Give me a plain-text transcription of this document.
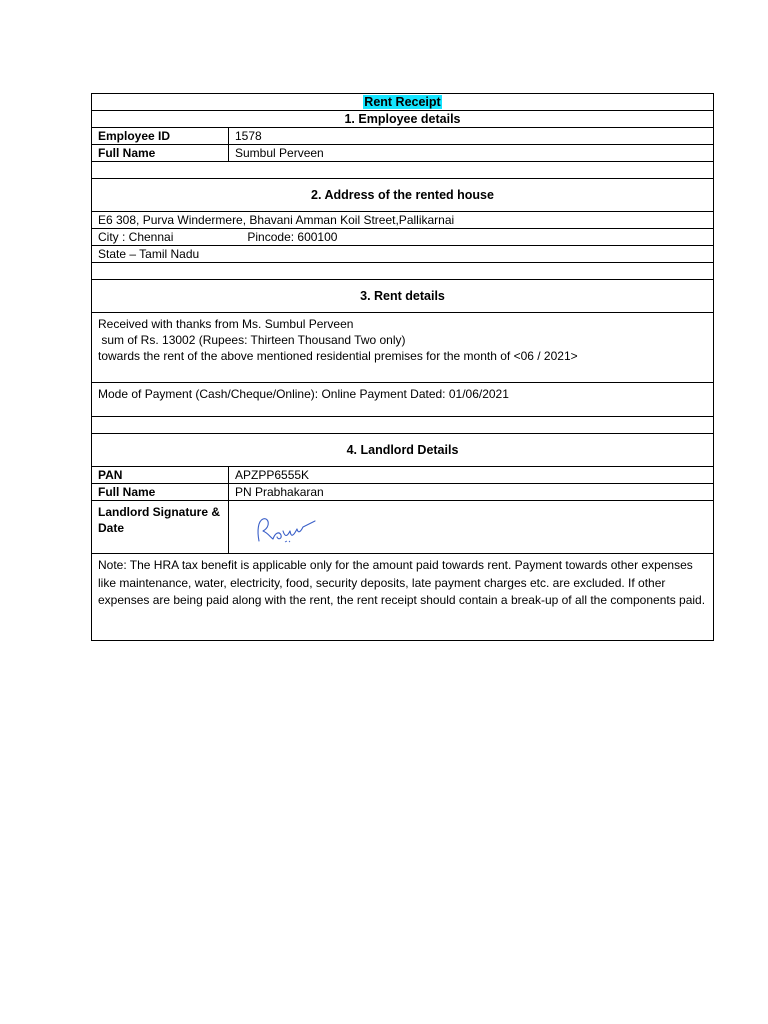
Rent Receipt	
1. Employee details	
Employee ID	1578
Full Name	Sumbul Perveen

2. Address of the rented house	
E6 308, Purva Windermere, Bhavani Amman Koil Street,Pallikarnai	
City : Chennai Pincode: 600100	
State – Tamil Nadu	

3. Rent details	

Received with thanks from Ms. Sumbul Perveen
sum of Rs. 13002 (Rupees: Thirteen Thousand Two only)
towards the rent of the above mentioned residential premises for the month of <06 / 2021>	

Mode of Payment (Cash/Cheque/Online): Online Payment Dated: 01/06/2021	

4. Landlord Details	
PAN	APZPP6555K
Full Name	PN Prabhakaran
Landlord Signature & Date	

Note: The HRA tax benefit is applicable only for the amount paid towards rent. Payment towards other expenses like maintenance, water, electricity, food, security deposits, late payment charges etc. are excluded. If other expenses are being paid along with the rent, the rent receipt should contain a break-up of all the components paid.	
